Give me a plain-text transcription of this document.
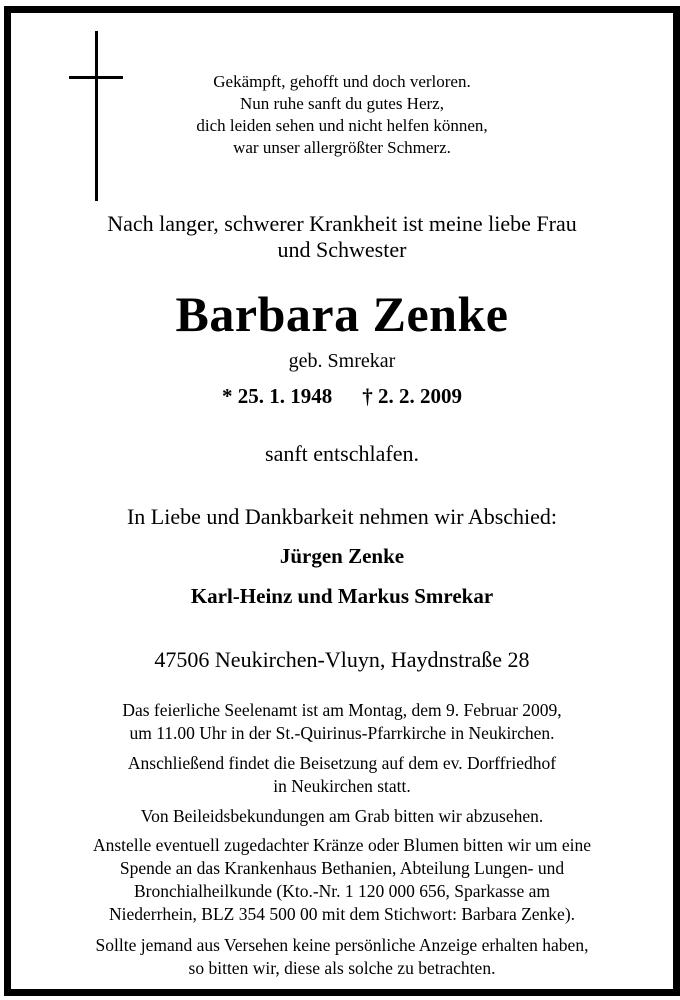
Gekämpft, gehofft und doch verloren.
Nun ruhe sanft du gutes Herz,
dich leiden sehen und nicht helfen können,
war unser allergrößter Schmerz.
Nach langer, schwerer Krankheit ist meine liebe Frau
und Schwester
Barbara Zenke
geb. Smrekar
* 25. 1. 1948 † 2. 2. 2009
sanft entschlafen.
In Liebe und Dankbarkeit nehmen wir Abschied:
Jürgen Zenke
Karl-Heinz und Markus Smrekar
47506 Neukirchen-Vluyn, Haydnstraße 28
Das feierliche Seelenamt ist am Montag, dem 9. Februar 2009,
um 11.00 Uhr in der St.-Quirinus-Pfarrkirche in Neukirchen.
Anschließend findet die Beisetzung auf dem ev. Dorffriedhof
in Neukirchen statt.
Von Beileidsbekundungen am Grab bitten wir abzusehen.
Anstelle eventuell zugedachter Kränze oder Blumen bitten wir um eine
Spende an das Krankenhaus Bethanien, Abteilung Lungen- und
Bronchialheilkunde (Kto.-Nr. 1 120 000 656, Sparkasse am
Niederrhein, BLZ 354 500 00 mit dem Stichwort: Barbara Zenke).
Sollte jemand aus Versehen keine persönliche Anzeige erhalten haben,
so bitten wir, diese als solche zu betrachten.
